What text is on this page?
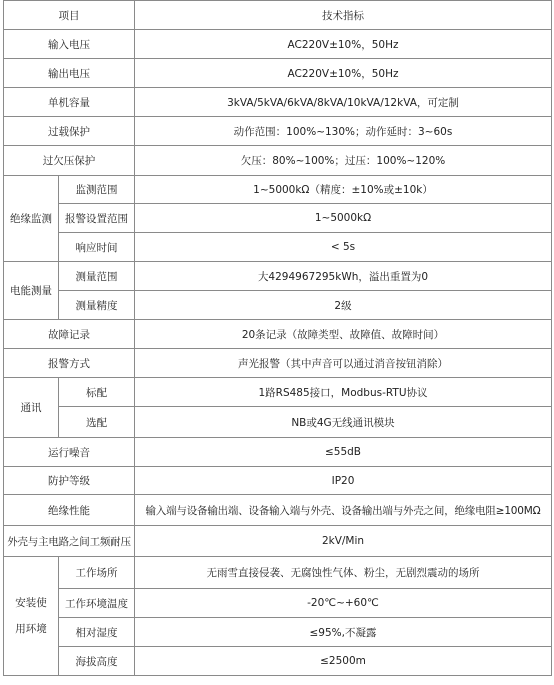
项目		技术指标
输入电压		AC220V±10%，50Hz
输出电压		AC220V±10%，50Hz
单机容量		3kVA/5kVA/6kVA/8kVA/10kVA/12kVA，可定制
过载保护		动作范围：100%~130%；动作延时：3~60s
过欠压保护		欠压：80%~100%；过压：100%~120%
绝缘监测	监测范围	1~5000kΩ（精度：±10%或±10k）
	报警设置范围	1~5000kΩ
	响应时间	< 5s
电能测量	测量范围	大4294967295kWh，溢出重置为0
	测量精度	2级
故障记录		20条记录（故障类型、故障值、故障时间）
报警方式		声光报警（其中声音可以通过消音按钮消除）
通讯	标配	1路RS485接口，Modbus-RTU协议
	选配	NB或4G无线通讯模块
运行噪音		≤55dB
防护等级		IP20
绝缘性能		输入端与设备输出端、设备输入端与外壳、设备输出端与外壳之间，绝缘电阻≥100MΩ
外壳与主电路之间工频耐压		2kV/Min

安装使
用环境	工作场所	无雨雪直接侵袭、无腐蚀性气体、粉尘，无剧烈震动的场所
	工作环境温度	-20℃~+60℃
	相对湿度	≤95%,不凝露
	海拔高度	≤2500m
